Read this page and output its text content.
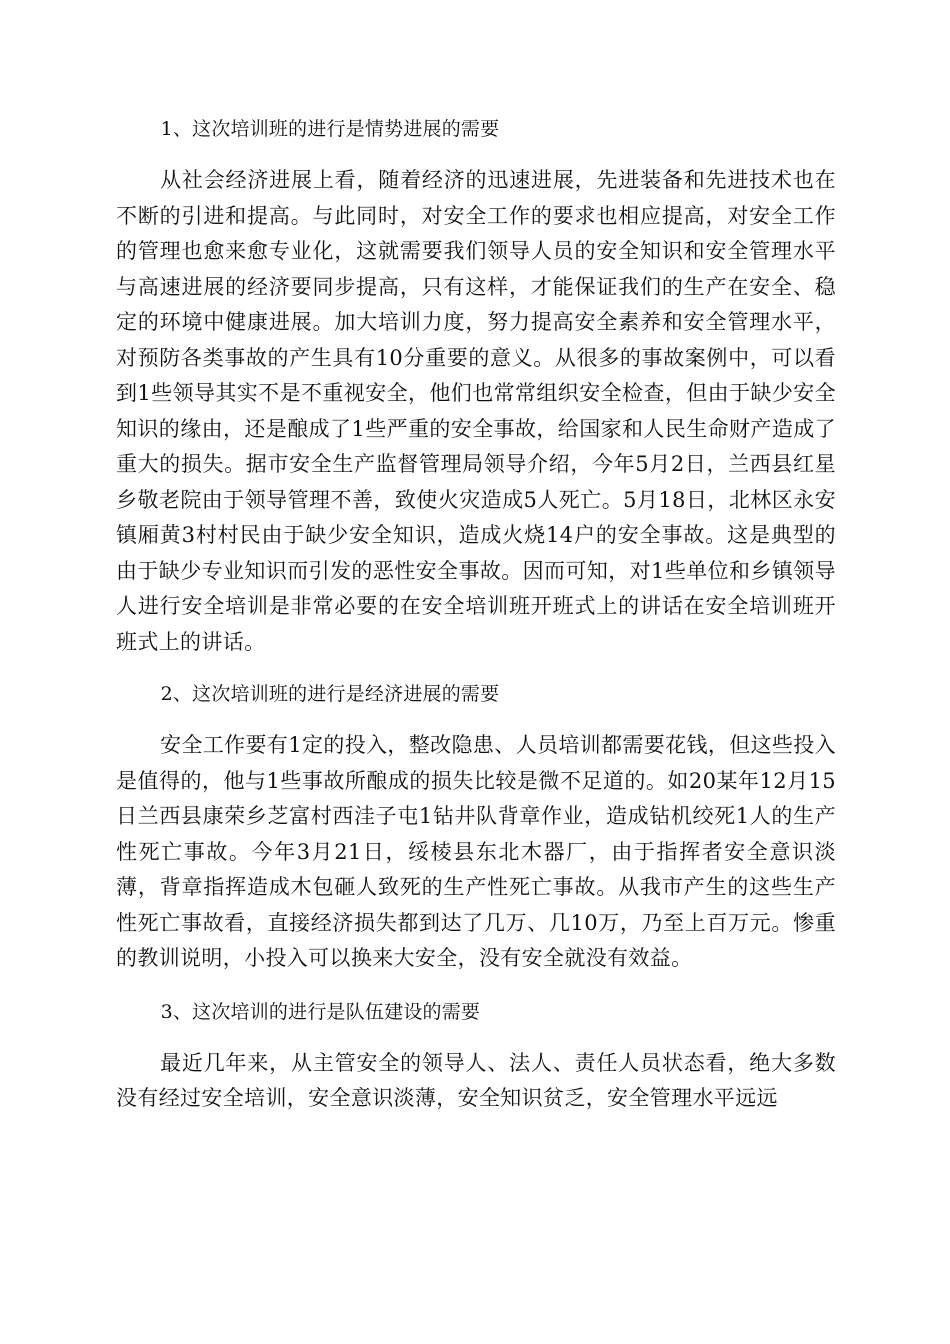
1、这次培训班的进行是情势进展的需要

从社会经济进展上看，随着经济的迅速进展，先进装备和先进技术也在不断的引进和提高。与此同时，对安全工作的要求也相应提高，对安全工作的管理也愈来愈专业化，这就需要我们领导人员的安全知识和安全管理水平与高速进展的经济要同步提高，只有这样，才能保证我们的生产在安全、稳定的环境中健康进展。加大培训力度，努力提高安全素养和安全管理水平，对预防各类事故的产生具有10分重要的意义。从很多的事故案例中，可以看到1些领导其实不是不重视安全，他们也常常组织安全检查，但由于缺少安全知识的缘由，还是酿成了1些严重的安全事故，给国家和人民生命财产造成了重大的损失。据市安全生产监督管理局领导介绍，今年5月2日，兰西县红星乡敬老院由于领导管理不善，致使火灾造成5人死亡。5月18日，北林区永安镇厢黄3村村民由于缺少安全知识，造成火烧14户的安全事故。这是典型的由于缺少专业知识而引发的恶性安全事故。因而可知，对1些单位和乡镇领导人进行安全培训是非常必要的在安全培训班开班式上的讲话在安全培训班开班式上的讲话。

2、这次培训班的进行是经济进展的需要

安全工作要有1定的投入，整改隐患、人员培训都需要花钱，但这些投入是值得的，他与1些事故所酿成的损失比较是微不足道的。如20某年12月15日兰西县康荣乡芝富村西洼子屯1钻井队背章作业，造成钻机绞死1人的生产性死亡事故。今年3月21日，绥棱县东北木器厂，由于指挥者安全意识淡薄，背章指挥造成木包砸人致死的生产性死亡事故。从我市产生的这些生产性死亡事故看，直接经济损失都到达了几万、几10万，乃至上百万元。惨重的教训说明，小投入可以换来大安全，没有安全就没有效益。

3、这次培训的进行是队伍建设的需要

最近几年来，从主管安全的领导人、法人、责任人员状态看，绝大多数没有经过安全培训，安全意识淡薄，安全知识贫乏，安全管理水平远远
